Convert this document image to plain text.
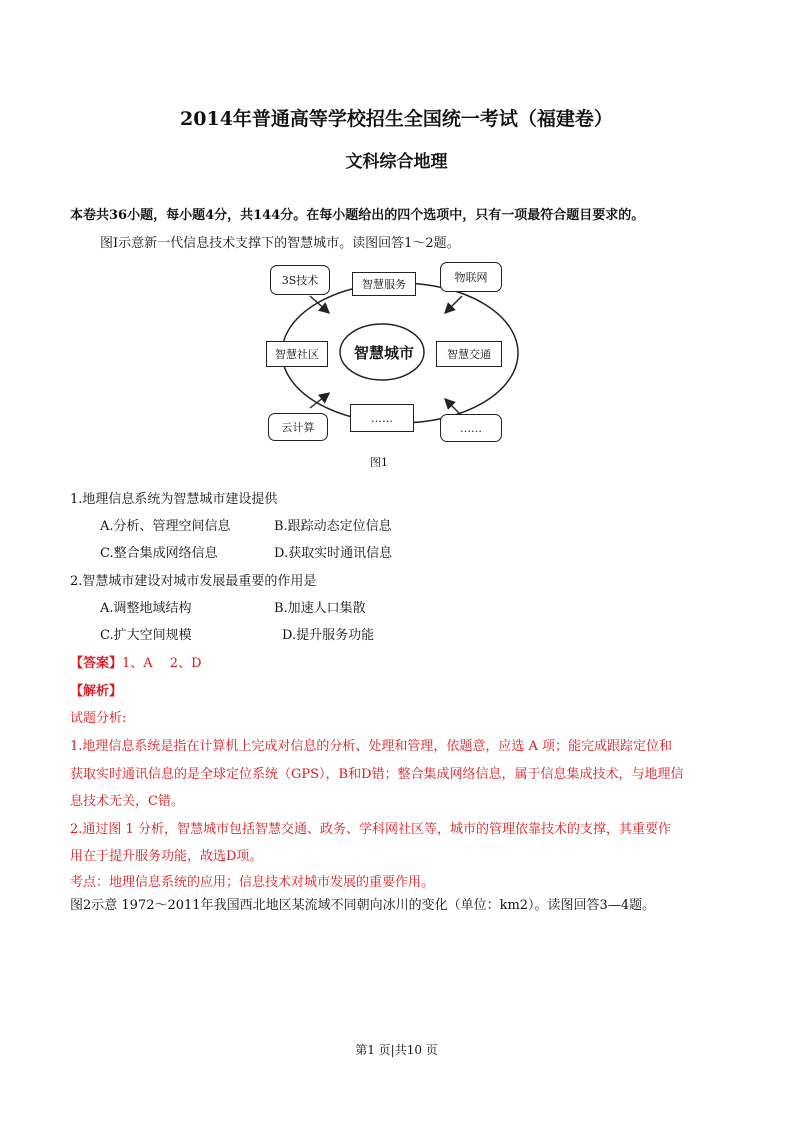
2014年普通高等学校招生全国统一考试（福建卷）
文科综合地理
本卷共36小题，每小题4分，共144分。在每小题给出的四个选项中，只有一项最符合题目要求的。
图Ⅰ示意新一代信息技术支撑下的智慧城市。读图回答1～2题。
3S技术	智慧服务
物联网
智慧社区	智慧城市	智慧交通
云计算
……
……
图1
1.地理信息系统为智慧城市建设提供
A.分析、管理空间信息	B.跟踪动态定位信息
C.整合集成网络信息	D.获取实时通讯信息
2.智慧城市建设对城市发展最重要的作用是
A.调整地域结构	B.加速人口集散
C.扩大空间规模	D.提升服务功能
【答案】1、A　 2、D
【解析】
试题分析:
1.地理信息系统是指在计算机上完成对信息的分析、处理和管理，依题意，应选 A 项；能完成跟踪定位和
获取实时通讯信息的是全球定位系统（GPS），B和D错；整合集成网络信息，属于信息集成技术，与地理信
息技术无关，C错。
2.通过图 1 分析，智慧城市包括智慧交通、政务、学科网社区等，城市的管理依靠技术的支撑，其重要作
用在于提升服务功能，故选D项。
考点：地理信息系统的应用；信息技术对城市发展的重要作用。
图2示意 1972～2011年我国西北地区某流域不同朝向冰川的变化（单位：km2）。读图回答3—4题。
第1 页|共10 页
